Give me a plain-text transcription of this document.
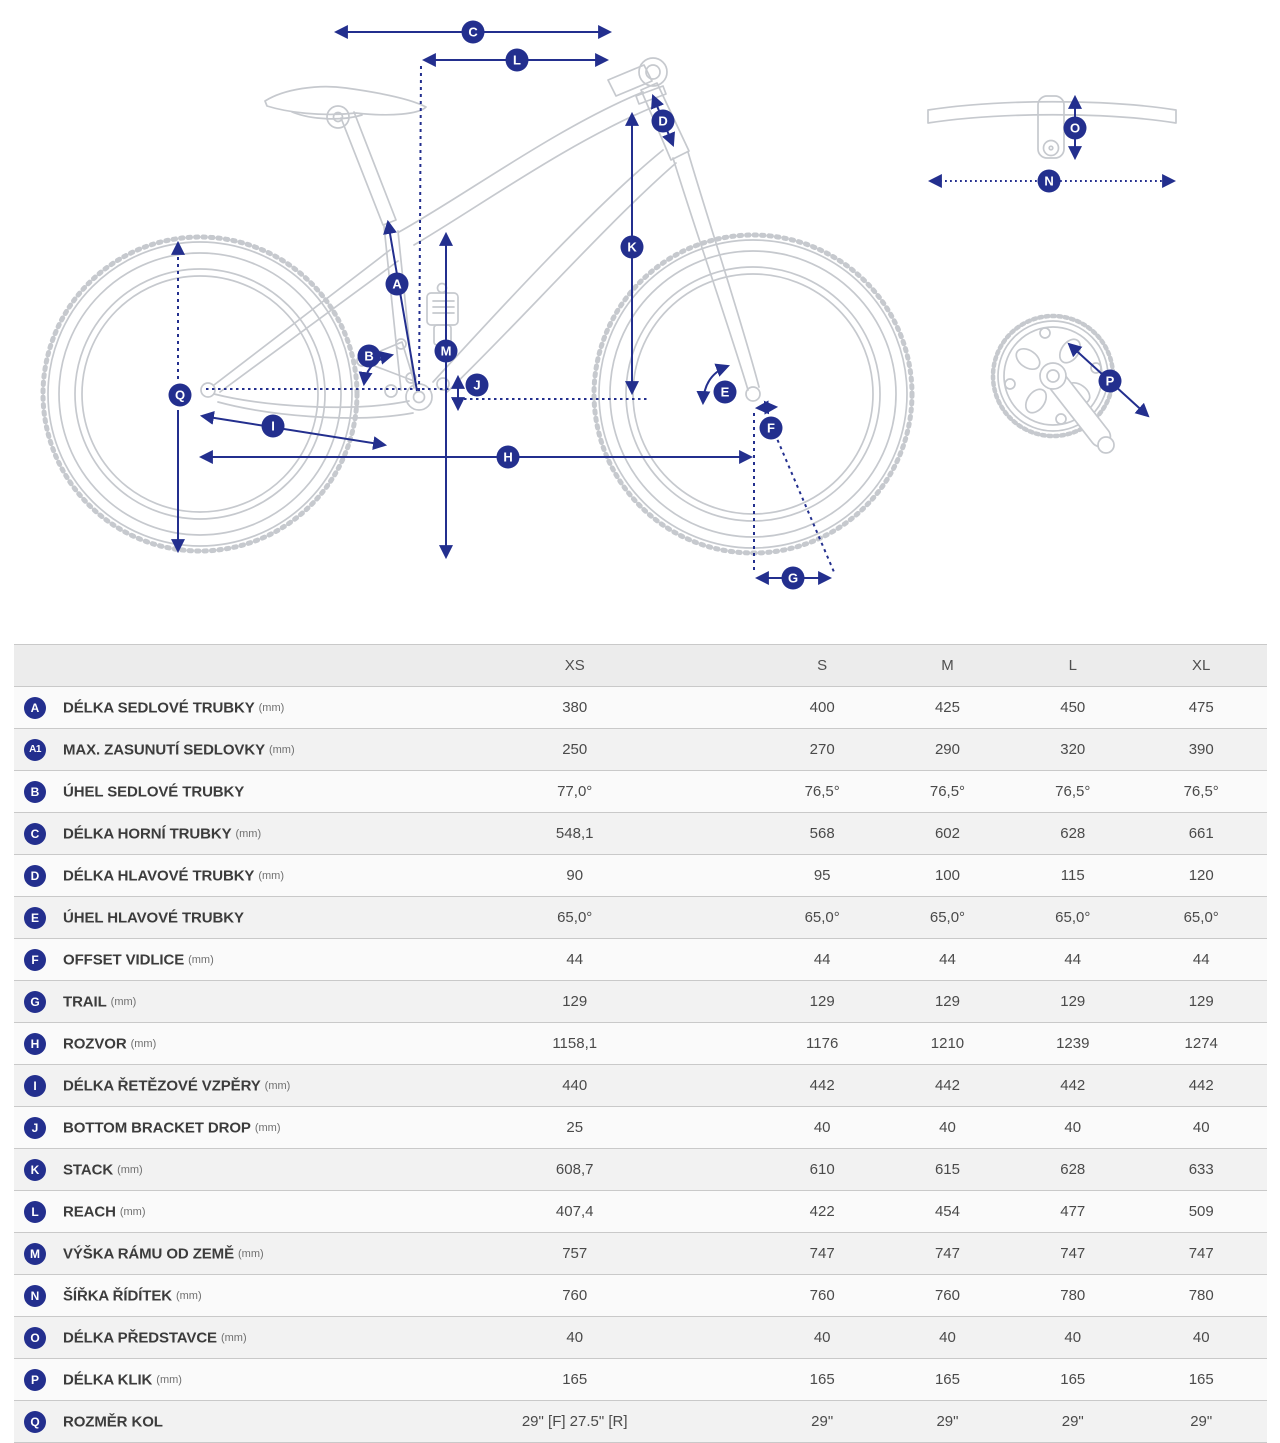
C
L
D
K
E
F
G
A
B	M
J
Q
I
H
O
N
P
	XS	S	M	L	XL
A DÉLKA SEDLOVÉ TRUBKY (mm)	380	400	425	450	475
A1 MAX. ZASUNUTÍ SEDLOVKY (mm)	250	270	290	320	390
B ÚHEL SEDLOVÉ TRUBKY	77,0°	76,5°	76,5°	76,5°	76,5°
C DÉLKA HORNÍ TRUBKY (mm)	548,1	568	602	628	661
D DÉLKA HLAVOVÉ TRUBKY (mm)	90	95	100	115	120
E ÚHEL HLAVOVÉ TRUBKY	65,0°	65,0°	65,0°	65,0°	65,0°
F OFFSET VIDLICE (mm)	44	44	44	44	44
G TRAIL (mm)	129	129	129	129	129
H ROZVOR (mm)	1158,1	1176	1210	1239	1274
I DÉLKA ŘETĚZOVÉ VZPĚRY (mm)	440	442	442	442	442
J BOTTOM BRACKET DROP (mm)	25	40	40	40	40
K STACK (mm)	608,7	610	615	628	633
L REACH (mm)	407,4	422	454	477	509
M VÝŠKA RÁMU OD ZEMĚ (mm)	757	747	747	747	747
N ŠÍŘKA ŘÍDÍTEK (mm)	760	760	760	780	780
O DÉLKA PŘEDSTAVCE (mm)	40	40	40	40	40
P DÉLKA KLIK (mm)	165	165	165	165	165
Q ROZMĚR KOL	29" [F] 27.5" [R]	29"	29"	29"	29"
